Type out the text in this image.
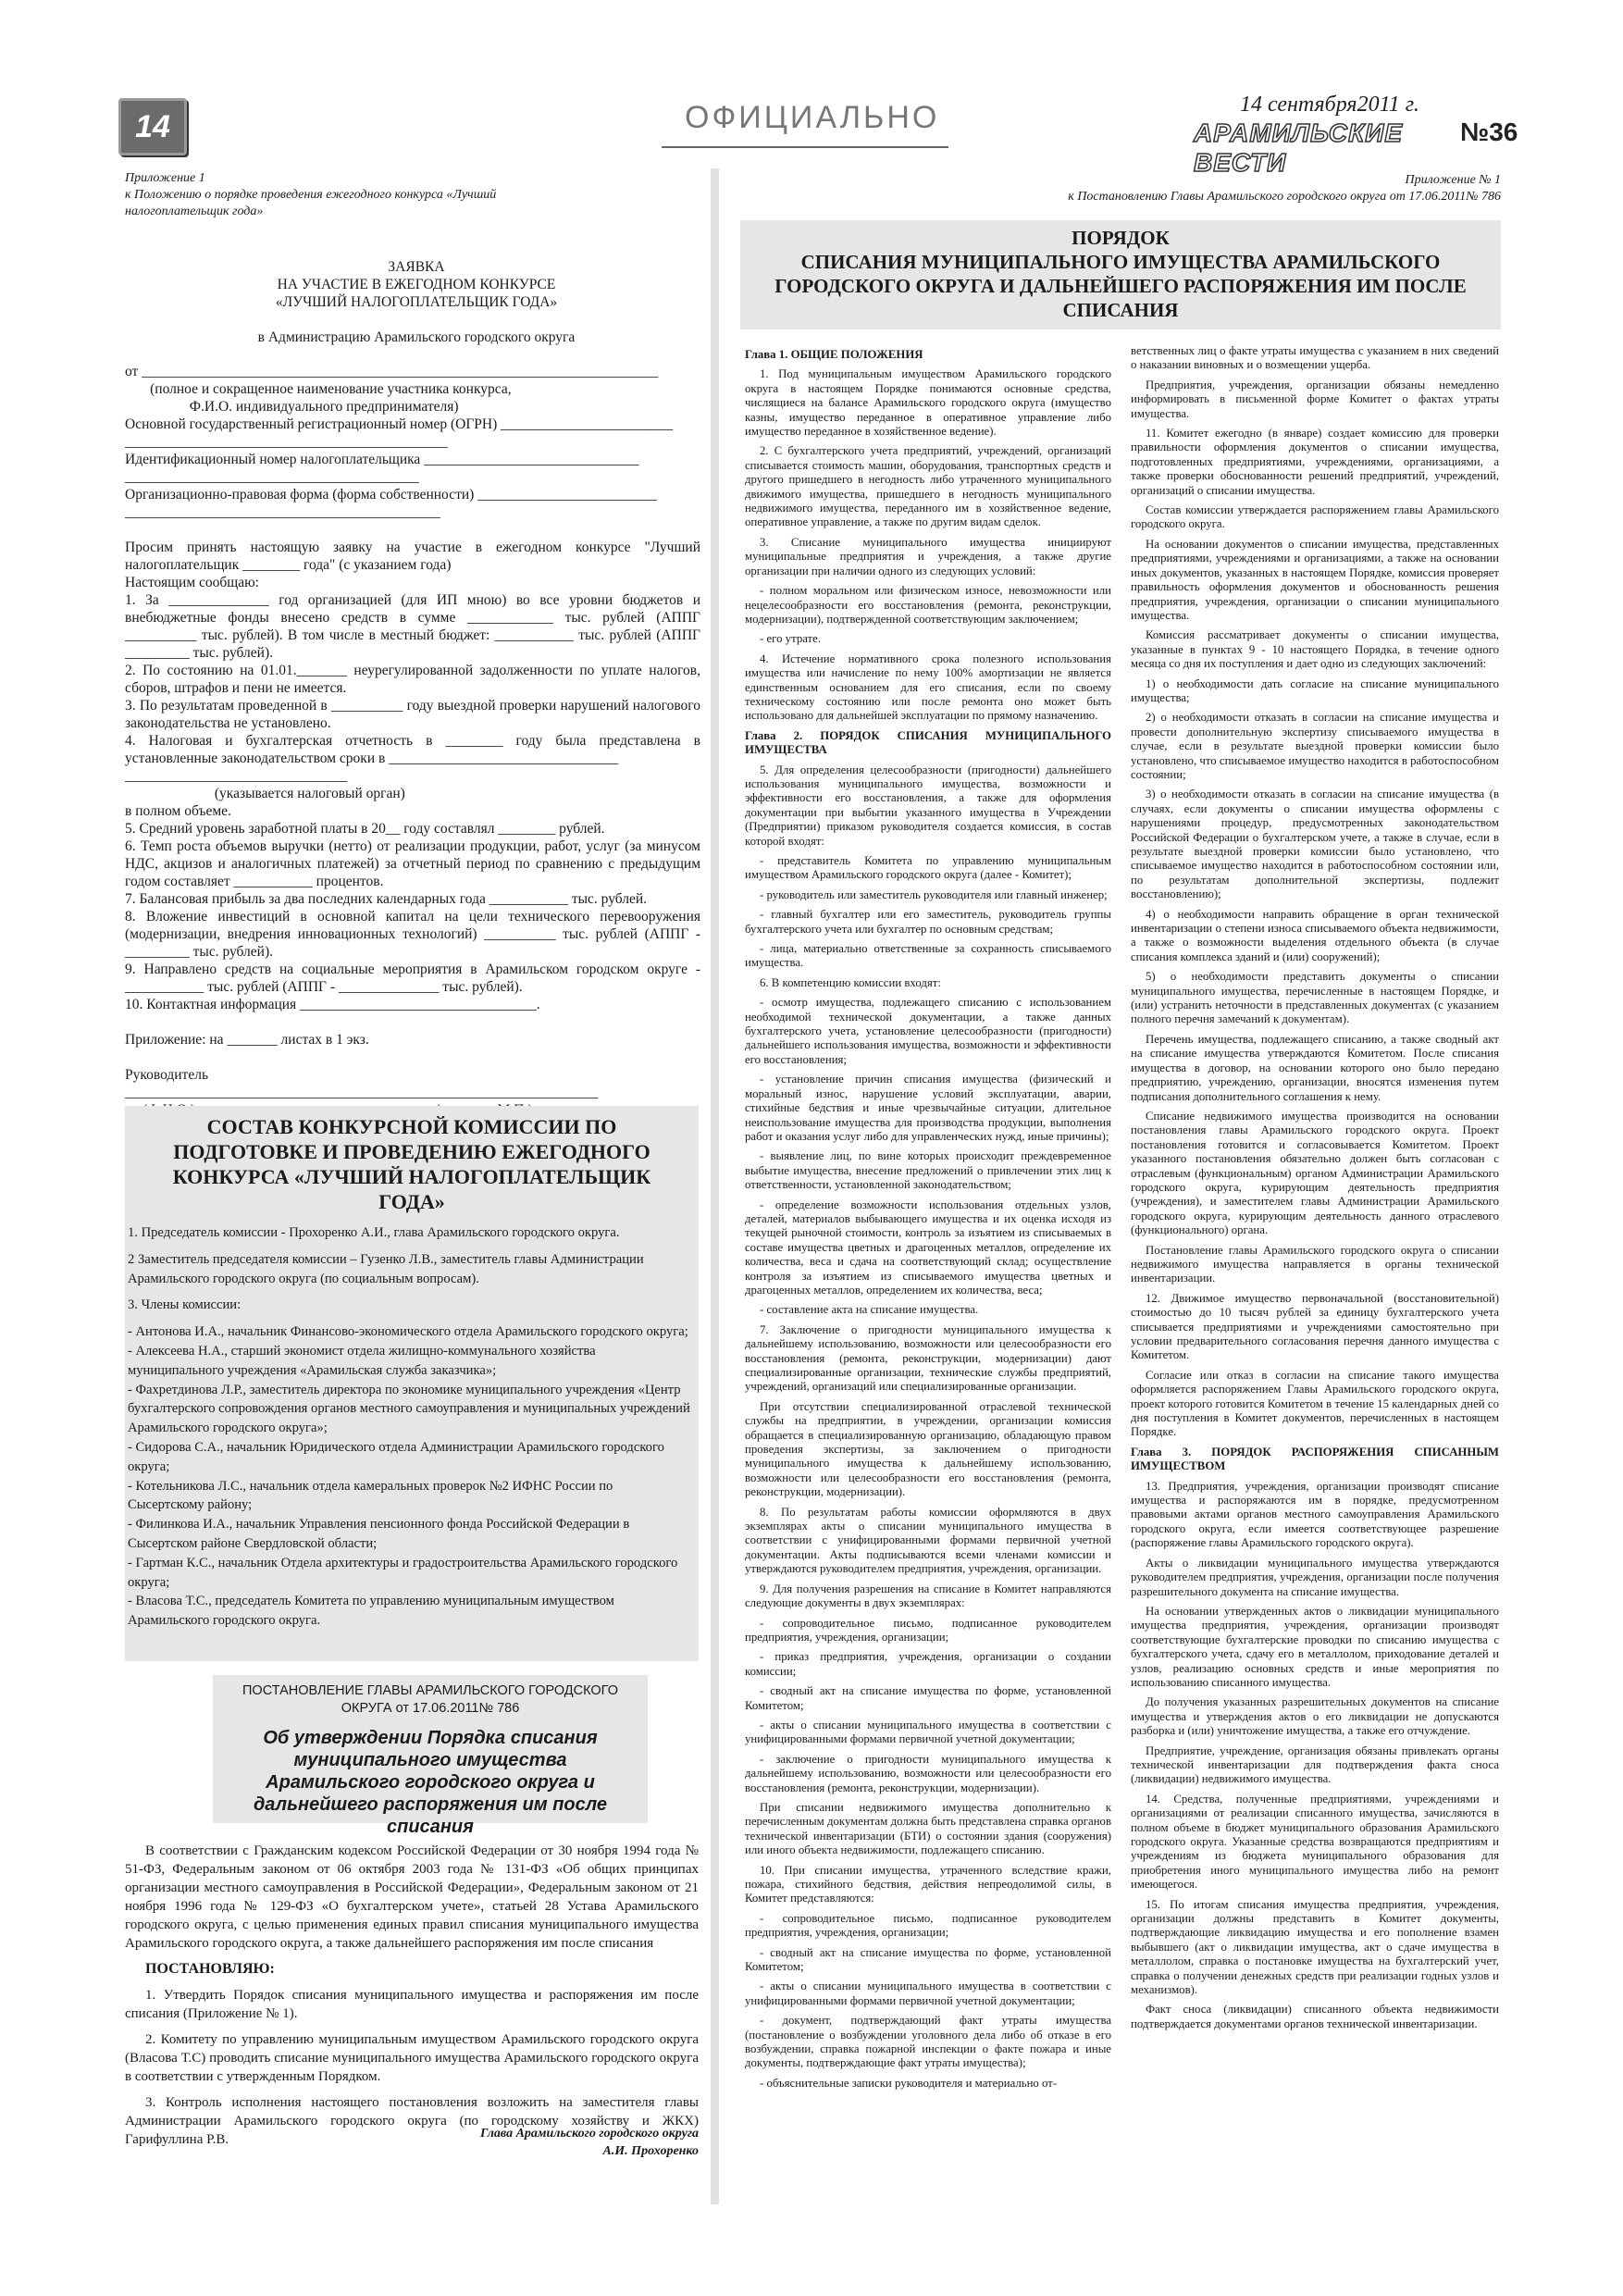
14	ОФИЦИАЛЬНО	14 сентября2011 г.
АРАМИЛЬСКИЕ ВЕСТИ
№36
Приложение 1
к Положению о порядке проведения ежегодного конкурса «Лучший налогоплательщик года»
ЗАЯВКА
НА УЧАСТИЕ В ЕЖЕГОДНОМ КОНКУРСЕ
«ЛУЧШИЙ НАЛОГОПЛАТЕЛЬЩИК ГОДА»
в Администрацию Арамильского городского округа

от ________________________________________________________________________

(полное и сокращенное наименование участника конкурса,

Ф.И.О. индивидуального предпринимателя)

Основной государственный регистрационный номер (ОГРН) ________________________

_____________________________________________

Идентификационный номер налогоплательщика ______________________________

_________________________________________

Организационно-правовая форма (форма собственности) _________________________

____________________________________________

Просим принять настоящую заявку на участие в ежегодном конкурсе "Лучший налогоплательщик ________ года" (с указанием года)

Настоящим сообщаю:

1. За ______________ год организацией (для ИП мною) во все уровни бюджетов и внебюджетные фонды внесено средств в сумме ____________ тыс. рублей (АППГ __________ тыс. рублей). В том числе в местный бюджет: ___________ тыс. рублей (АППГ _________ тыс. рублей).

2. По состоянию на 01.01._______ неурегулированной задолженности по уплате налогов, сборов, штрафов и пени не имеется.

3. По результатам проведенной в __________ году выездной проверки нарушений налогового законодательства не установлено.

4. Налоговая и бухгалтерская отчетность в ________ году была представлена в установленные законодательством сроки в ________________________________

_______________________________

(указывается налоговый орган)

в полном объеме.

5. Средний уровень заработной платы в 20__ году составлял ________ рублей.

6. Темп роста объемов выручки (нетто) от реализации продукции, работ, услуг (за минусом НДС, акцизов и аналогичных платежей) за отчетный период по сравнению с предыдущим годом составляет ___________ процентов.

7. Балансовая прибыль за два последних календарных года ___________ тыс. рублей.

8. Вложение инвестиций в основной капитал на цели технического перевооружения (модернизации, внедрения инновационных технологий) __________ тыс. рублей (АППГ - _________ тыс. рублей).

9. Направлено средств на социальные мероприятия в Арамильском городском округе - ___________ тыс. рублей (АППГ - ______________ тыс. рублей).

10. Контактная информация _________________________________.

Приложение: на _______ листах в 1 экз.

Руководитель

__________________________________________________________________

СОСТАВ КОНКУРСНОЙ КОМИССИИ ПО ПОДГОТОВКЕ И ПРОВЕДЕНИЮ ЕЖЕГОДНОГО КОНКУРСА «ЛУЧШИЙ НАЛОГОПЛАТЕЛЬЩИК ГОДА»

1. Председатель комиссии - Прохоренко А.И., глава Арамильского городского округа.

2 Заместитель председателя комиссии – Гузенко Л.В., заместитель главы Администрации Арамильского городского округа (по социальным вопросам).

3. Члены комиссии:

- Антонова И.А., начальник Финансово-экономического отдела Арамильского городского округа;

- Алексеева Н.А., старший экономист отдела жилищно-коммунального хозяйства муниципального учреждения «Арамильская служба заказчика»;

- Фахретдинова Л.Р., заместитель директора по экономике муниципального учреждения «Центр бухгалтерского сопровождения органов местного самоуправления и муниципальных учреждений Арамильского городского округа»;

- Сидорова С.А., начальник Юридического отдела Администрации Арамильского городского округа;

- Котельникова Л.С., начальник отдела камеральных проверок №2 ИФНС России по Сысертскому району;

- Филинкова И.А., начальник Управления пенсионного фонда Российской Федерации в Сысертском районе Свердловской области;

- Гартман К.С., начальник Отдела архитектуры и градостроительства Арамильского городского округа;

- Власова Т.С., председатель Комитета по управлению муниципальным имуществом Арамильского городского округа.

ПОСТАНОВЛЕНИЕ ГЛАВЫ АРАМИЛЬСКОГО ГОРОДСКОГО ОКРУГА от 17.06.2011№ 786
Об утверждении Порядка списания муниципального имущества Арамильского городского округа и дальнейшего распоряжения им после списания

В соответствии с Гражданским кодексом Российской Федерации от 30 ноября 1994 года № 51-ФЗ, Федеральным законом от 06 октября 2003 года № 131-ФЗ «Об общих принципах организации местного самоуправления в Российской Федерации», Федеральным законом от 21 ноября 1996 года № 129-ФЗ «О бухгалтерском учете», статьей 28 Устава Арамильского городского округа, с целью применения единых правил списания муниципального имущества Арамильского городского округа, а также дальнейшего распоряжения им после списания

ПОСТАНОВЛЯЮ:

1. Утвердить Порядок списания муниципального имущества и распоряжения им после списания (Приложение № 1).

2. Комитету по управлению муниципальным имуществом Арамильского городского округа (Власова Т.С) проводить списание муниципального имущества Арамильского городского округа в соответствии с утвержденным Порядком.

3. Контроль исполнения настоящего постановления возложить на заместителя главы Администрации Арамильского городского округа (по городскому хозяйству и ЖКХ) Гарифуллина Р.В.	Глава Арамильского городского округа
А.И. Прохоренко
Приложение № 1
к Постановлению Главы Арамильского городского округа от 17.06.2011№ 786
ПОРЯДОК
СПИСАНИЯ МУНИЦИПАЛЬНОГО ИМУЩЕСТВА АРАМИЛЬСКОГО ГОРОДСКОГО ОКРУГА И ДАЛЬНЕЙШЕГО РАСПОРЯЖЕНИЯ ИМ ПОСЛЕ СПИСАНИЯ

Глава 1. ОБЩИЕ ПОЛОЖЕНИЯ

1. Под муниципальным имуществом Арамильского городского округа в настоящем Порядке понимаются основные средства, числящиеся на балансе Арамильского городского округа (имущество казны, имущество переданное в оперативное управление либо имущество переданное в хозяйственное ведение).

2. С бухгалтерского учета предприятий, учреждений, организаций списывается стоимость машин, оборудования, транспортных средств и другого пришедшего в негодность либо утраченного муниципального движимого имущества, пришедшего в негодность муниципального недвижимого имущества, переданного им в хозяйственное ведение, оперативное управление, а также по другим видам сделок.

3. Списание муниципального имущества инициируют муниципальные предприятия и учреждения, а также другие организации при наличии одного из следующих условий:

- полном моральном или физическом износе, невозможности или нецелесообразности его восстановления (ремонта, реконструкции, модернизации), подтвержденной соответствующим заключением;

- его утрате.

4. Истечение нормативного срока полезного использования имущества или начисление по нему 100% амортизации не является единственным основанием для его списания, если по своему техническому состоянию или после ремонта оно может быть использовано для дальнейшей эксплуатации по прямому назначению.

Глава 2. ПОРЯДОК СПИСАНИЯ МУНИЦИПАЛЬНОГО ИМУЩЕСТВА

5. Для определения целесообразности (пригодности) дальнейшего использования муниципального имущества, возможности и эффективности его восстановления, а также для оформления документации при выбытии указанного имущества в Учреждении (Предприятии) приказом руководителя создается комиссия, в состав которой входят:

- представитель Комитета по управлению муниципальным имуществом Арамильского городского округа (далее - Комитет);

- руководитель или заместитель руководителя или главный инженер;

- главный бухгалтер или его заместитель, руководитель группы бухгалтерского учета или бухгалтер по основным средствам;

- лица, материально ответственные за сохранность списываемого имущества.

6. В компетенцию комиссии входят:

- осмотр имущества, подлежащего списанию с использованием необходимой технической документации, а также данных бухгалтерского учета, установление целесообразности (пригодности) дальнейшего использования имущества, возможности и эффективности его восстановления;

- установление причин списания имущества (физический и моральный износ, нарушение условий эксплуатации, аварии, стихийные бедствия и иные чрезвычайные ситуации, длительное неиспользование имущества для производства продукции, выполнения работ и оказания услуг либо для управленческих нужд, иные причины);

- выявление лиц, по вине которых происходит преждевременное выбытие имущества, внесение предложений о привлечении этих лиц к ответственности, установленной законодательством;

- определение возможности использования отдельных узлов, деталей, материалов выбывающего имущества и их оценка исходя из текущей рыночной стоимости, контроль за изъятием из списываемых в составе имущества цветных и драгоценных металлов, определение их количества, веса и сдача на соответствующий склад; осуществление контроля за изъятием из списываемого имущества цветных и драгоценных металлов, определением их количества, веса;

- составление акта на списание имущества.

7. Заключение о пригодности муниципального имущества к дальнейшему использованию, возможности или целесообразности его восстановления (ремонта, реконструкции, модернизации) дают специализированные организации, технические службы предприятий, учреждений, организаций или специализированные организации.

При отсутствии специализированной отраслевой технической службы на предприятии, в учреждении, организации комиссия обращается в специализированную организацию, обладающую правом проведения экспертизы, за заключением о пригодности муниципального имущества к дальнейшему использованию, возможности или целесообразности его восстановления (ремонта, реконструкции, модернизации).

8. По результатам работы комиссии оформляются в двух экземплярах акты о списании муниципального имущества в соответствии с унифицированными формами первичной учетной документации. Акты подписываются всеми членами комиссии и утверждаются руководителем предприятия, учреждения, организации.

9. Для получения разрешения на списание в Комитет направляются следующие документы в двух экземплярах:

- сопроводительное письмо, подписанное руководителем предприятия, учреждения, организации;

- приказ предприятия, учреждения, организации о создании комиссии;

- сводный акт на списание имущества по форме, установленной Комитетом;

- акты о списании муниципального имущества в соответствии с унифицированными формами первичной учетной документации;

- заключение о пригодности муниципального имущества к дальнейшему использованию, возможности или целесообразности его восстановления (ремонта, реконструкции, модернизации).

При списании недвижимого имущества дополнительно к перечисленным документам должна быть представлена справка органов технической инвентаризации (БТИ) о состоянии здания (сооружения) или иного объекта недвижимости, подлежащего списанию.

10. При списании имущества, утраченного вследствие кражи, пожара, стихийного бедствия, действия непреодолимой силы, в Комитет представляются:

- сопроводительное письмо, подписанное руководителем предприятия, учреждения, организации;

- сводный акт на списание имущества по форме, установленной Комитетом;

- акты о списании муниципального имущества в соответствии с унифицированными формами первичной учетной документации;

- документ, подтверждающий факт утраты имущества (постановление о возбуждении уголовного дела либо об отказе в его возбуждении, справка пожарной инспекции о факте пожара и иные документы, подтверждающие факт утраты имущества);

- объяснительные записки руководителя и материально от-

ветственных лиц о факте утраты имущества с указанием в них сведений о наказании виновных и о возмещении ущерба.

Предприятия, учреждения, организации обязаны немедленно информировать в письменной форме Комитет о фактах утраты имущества.

11. Комитет ежегодно (в январе) создает комиссию для проверки правильности оформления документов о списании имущества, подготовленных предприятиями, учреждениями, организациями, а также проверки обоснованности решений предприятий, учреждений, организаций о списании имущества.

Состав комиссии утверждается распоряжением главы Арамильского городского округа.

На основании документов о списании имущества, представленных предприятиями, учреждениями и организациями, а также на основании иных документов, указанных в настоящем Порядке, комиссия проверяет правильность оформления документов и обоснованность решения предприятия, учреждения, организации о списании муниципального имущества.

Комиссия рассматривает документы о списании имущества, указанные в пунктах 9 - 10 настоящего Порядка, в течение одного месяца со дня их поступления и дает одно из следующих заключений:

1) о необходимости дать согласие на списание муниципального имущества;

2) о необходимости отказать в согласии на списание имущества и провести дополнительную экспертизу списываемого имущества в случае, если в результате выездной проверки комиссии было установлено, что списываемое имущество находится в работоспособном состоянии;

3) о необходимости отказать в согласии на списание имущества (в случаях, если документы о списании имущества оформлены с нарушениями процедур, предусмотренных законодательством Российской Федерации о бухгалтерском учете, а также в случае, если в результате выездной проверки комиссии было установлено, что списываемое имущество находится в работоспособном состоянии или, по результатам дополнительной экспертизы, подлежит восстановлению);

4) о необходимости направить обращение в орган технической инвентаризации о степени износа списываемого объекта недвижимости, а также о возможности выделения отдельного объекта (в случае списания комплекса зданий и (или) сооружений);

5) о необходимости представить документы о списании муниципального имущества, перечисленные в настоящем Порядке, и (или) устранить неточности в представленных документах (с указанием полного перечня замечаний к документам).

Перечень имущества, подлежащего списанию, а также сводный акт на списание имущества утверждаются Комитетом. После списания имущества в договор, на основании которого оно было передано предприятию, учреждению, организации, вносятся изменения путем подписания дополнительного соглашения к нему.

Списание недвижимого имущества производится на основании постановления главы Арамильского городского округа. Проект постановления готовится и согласовывается Комитетом. Проект указанного постановления обязательно должен быть согласован с отраслевым (функциональным) органом Администрации Арамильского городского округа, курирующим деятельность предприятия (учреждения), и заместителем главы Администрации Арамильского городского округа, курирующим деятельность данного отраслевого (функционального) органа.

Постановление главы Арамильского городского округа о списании недвижимого имущества направляется в органы технической инвентаризации.

12. Движимое имущество первоначальной (восстановительной) стоимостью до 10 тысяч рублей за единицу бухгалтерского учета списывается предприятиями и учреждениями самостоятельно при условии предварительного согласования перечня данного имущества с Комитетом.

Согласие или отказ в согласии на списание такого имущества оформляется распоряжением Главы Арамильского городского округа, проект которого готовится Комитетом в течение 15 календарных дней со дня поступления в Комитет документов, перечисленных в настоящем Порядке.

Глава 3. ПОРЯДОК РАСПОРЯЖЕНИЯ СПИСАННЫМ ИМУЩЕСТВОМ

13. Предприятия, учреждения, организации производят списание имущества и распоряжаются им в порядке, предусмотренном правовыми актами органов местного самоуправления Арамильского городского округа, если имеется соответствующее разрешение (распоряжение главы Арамильского городского округа).

Акты о ликвидации муниципального имущества утверждаются руководителем предприятия, учреждения, организации после получения разрешительного документа на списание имущества.

На основании утвержденных актов о ликвидации муниципального имущества предприятия, учреждения, организации производят соответствующие бухгалтерские проводки по списанию имущества с бухгалтерского учета, сдачу его в металлолом, приходование деталей и узлов, реализацию основных средств и иные мероприятия по использованию списанного имущества.

До получения указанных разрешительных документов на списание имущества и утверждения актов о его ликвидации не допускаются разборка и (или) уничтожение имущества, а также его отчуждение.

Предприятие, учреждение, организация обязаны привлекать органы технической инвентаризации для подтверждения факта сноса (ликвидации) недвижимого имущества.

14. Средства, полученные предприятиями, учреждениями и организациями от реализации списанного имущества, зачисляются в полном объеме в бюджет муниципального образования Арамильского городского округа. Указанные средства возвращаются предприятиям и учреждениям из бюджета муниципального образования для приобретения иного муниципального имущества либо на ремонт имеющегося.

15. По итогам списания имущества предприятия, учреждения, организации должны представить в Комитет документы, подтверждающие ликвидацию имущества и его пополнение взамен выбывшего (акт о ликвидации имущества, акт о сдаче имущества в металлолом, справка о постановке имущества на бухгалтерский учет, справка о получении денежных средств при реализации годных узлов и механизмов).

Факт сноса (ликвидации) списанного объекта недвижимости подтверждается документами органов технической инвентаризации.
